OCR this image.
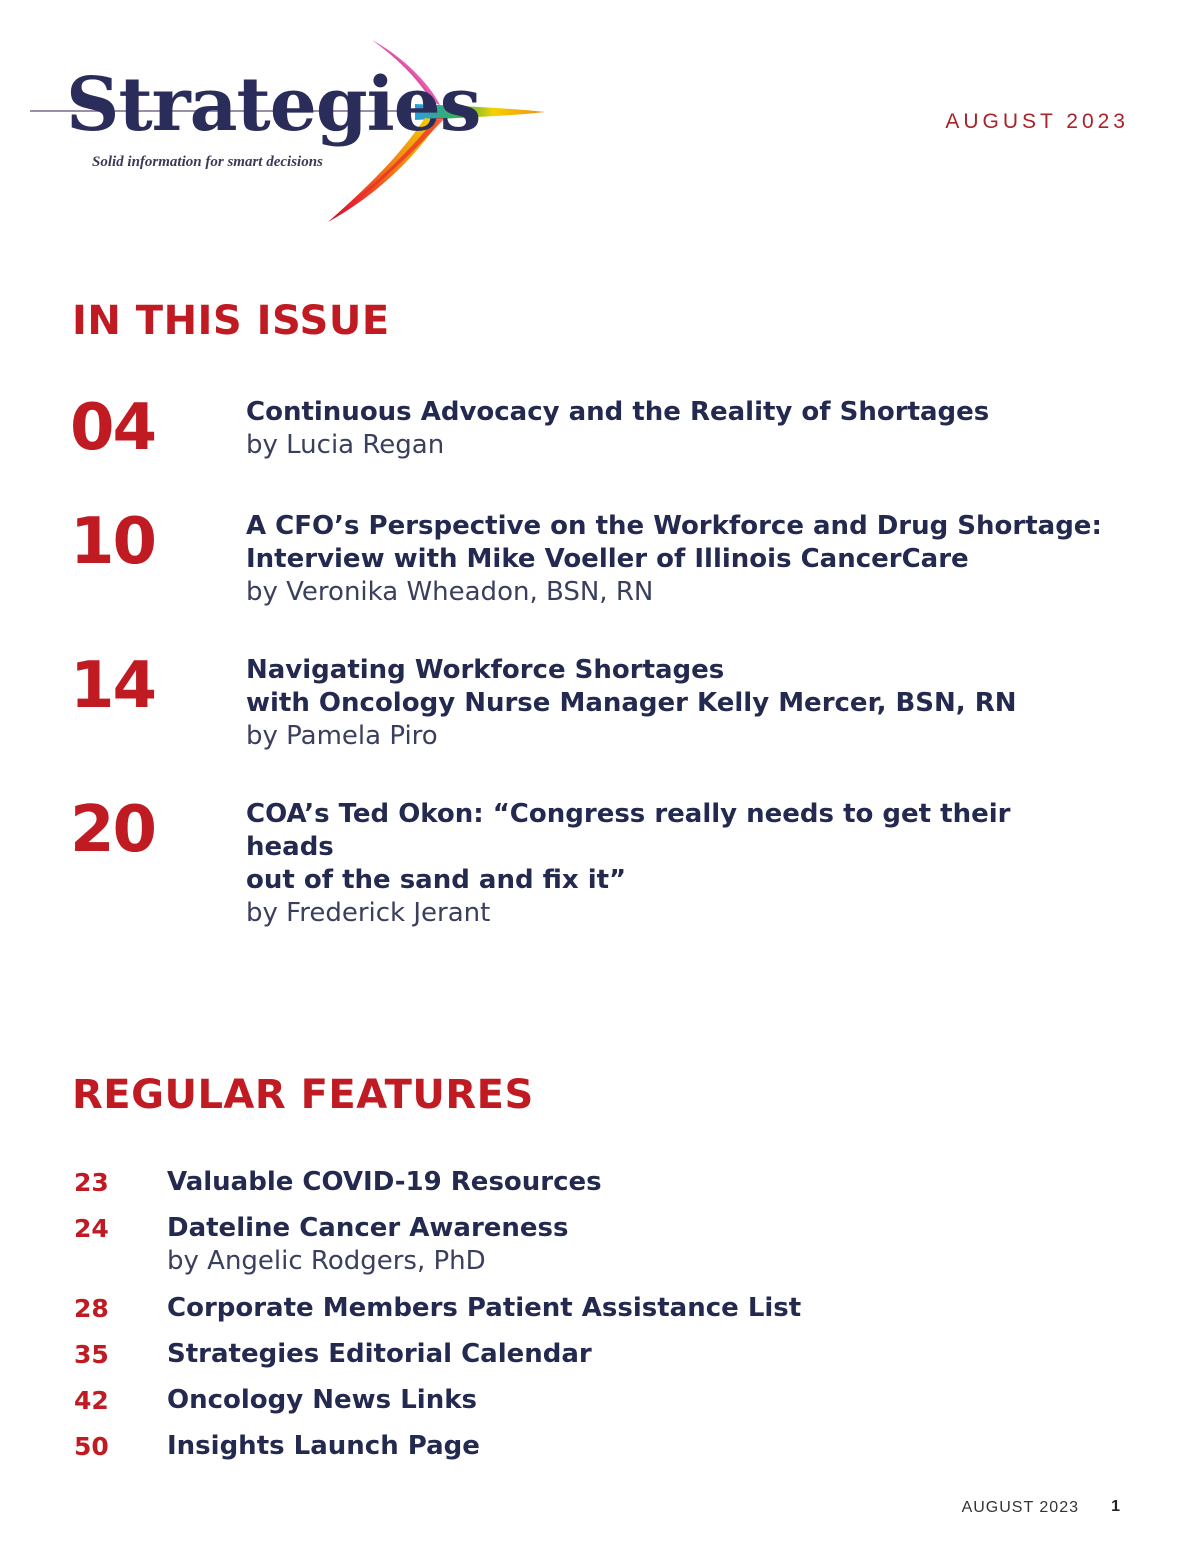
Strategies
Solid information for smart decisions
AUGUST 2023
IN THIS ISSUE
04	Continuous Advocacy and the Reality of Shortages
by Lucia Regan
10	A CFO’s Perspective on the Workforce and Drug Shortage:
Interview with Mike Voeller of Illinois CancerCare
by Veronika Wheadon, BSN, RN
14	Navigating Workforce Shortages
with Oncology Nurse Manager Kelly Mercer, BSN, RN
by Pamela Piro
20	COA’s Ted Okon: “Congress really needs to get their heads
out of the sand and fix it”
by Frederick Jerant
REGULAR FEATURES
23 Valuable COVID-19 Resources
24 Dateline Cancer Awareness
by Angelic Rodgers, PhD
28 Corporate Members Patient Assistance List
35 Strategies Editorial Calendar
42 Oncology News Links
50 Insights Launch Page
AUGUST 2023 1
